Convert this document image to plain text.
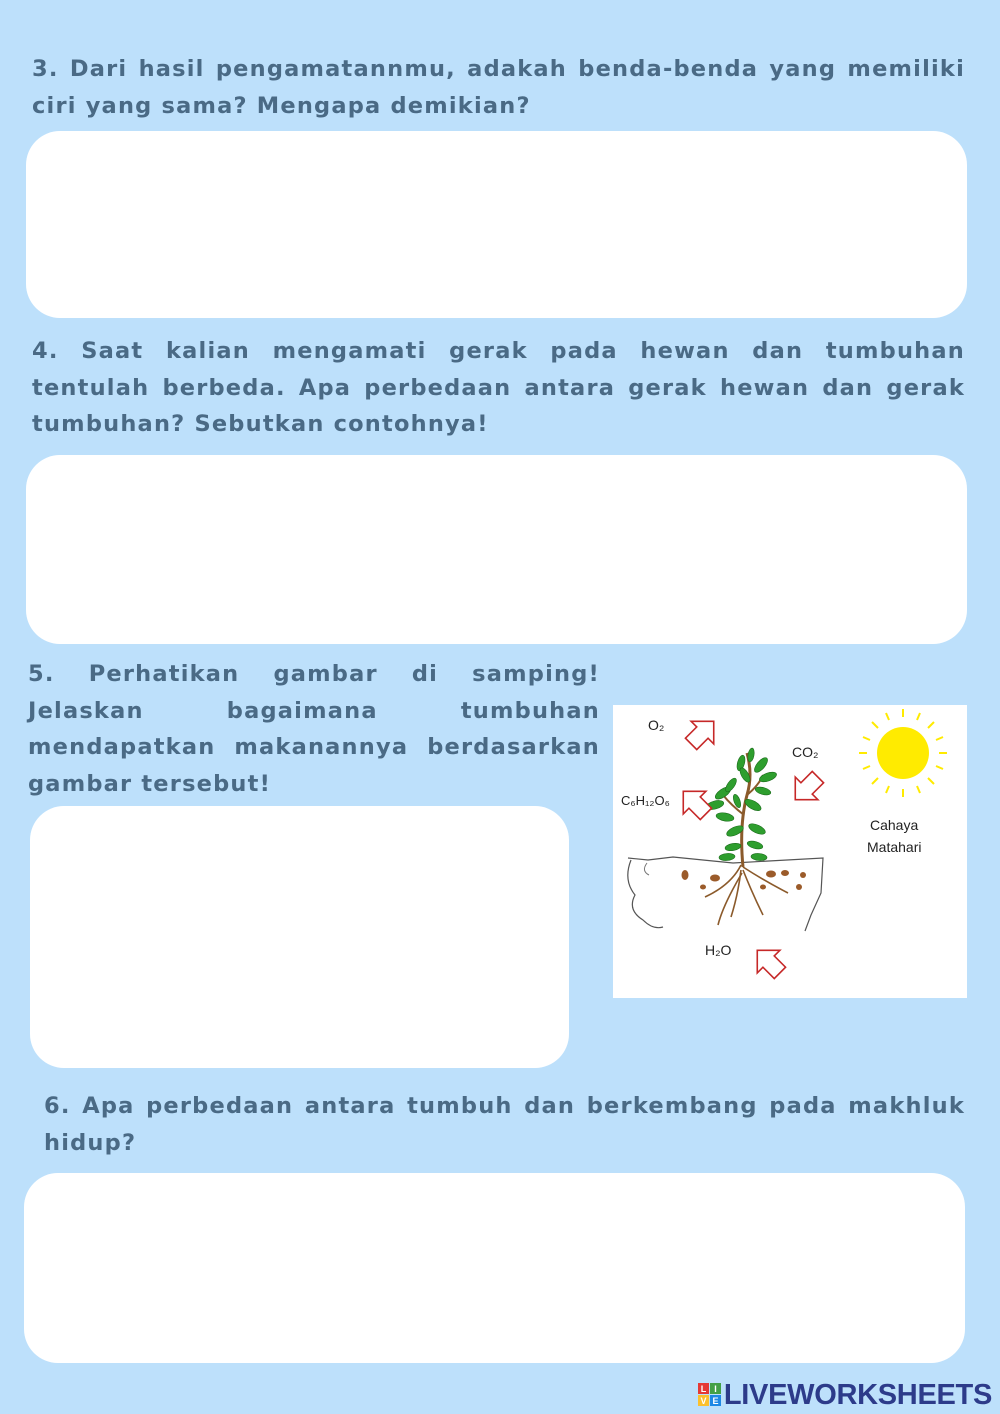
3. Dari hasil pengamatannmu, adakah benda-benda yang memiliki ciri yang sama? Mengapa demikian?

4. Saat kalian mengamati gerak pada hewan dan tumbuhan tentulah berbeda. Apa perbedaan antara gerak hewan dan gerak tumbuhan? Sebutkan contohnya!

5. Perhatikan gambar di samping! Jelaskan bagaimana tumbuhan mendapatkan makanannya berdasarkan gambar tersebut!

O₂
CO₂
C₆H₁₂O₆
H₂O
Cahaya
Matahari

6. Apa perbedaan antara tumbuh dan berkembang pada makhluk hidup?

L I
V E LIVEWORKSHEETS
